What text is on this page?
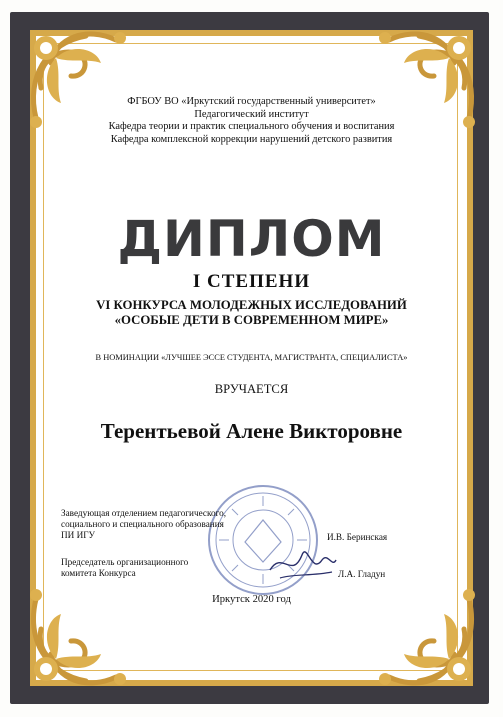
ФГБОУ ВО «Иркутский государственный университет»
Педагогический институт
Кафедра теории и практик специального обучения и воспитания
Кафедра комплексной коррекции нарушений детского развития
ДИПЛОМ
I СТЕПЕНИ
VI КОНКУРСА МОЛОДЕЖНЫХ ИССЛЕДОВАНИЙ
«ОСОБЫЕ ДЕТИ В СОВРЕМЕННОМ МИРЕ»
В НОМИНАЦИИ «ЛУЧШЕЕ ЭССЕ СТУДЕНТА, МАГИСТРАНТА, СПЕЦИАЛИСТА»
ВРУЧАЕТСЯ
Терентьевой Алене Викторовне
Заведующая отделением педагогического,
социального и специального образования
ПИ ИГУ	И.В. Беринская
Председатель организационного
комитета Конкурса	Л.А. Гладун
Иркутск 2020 год
